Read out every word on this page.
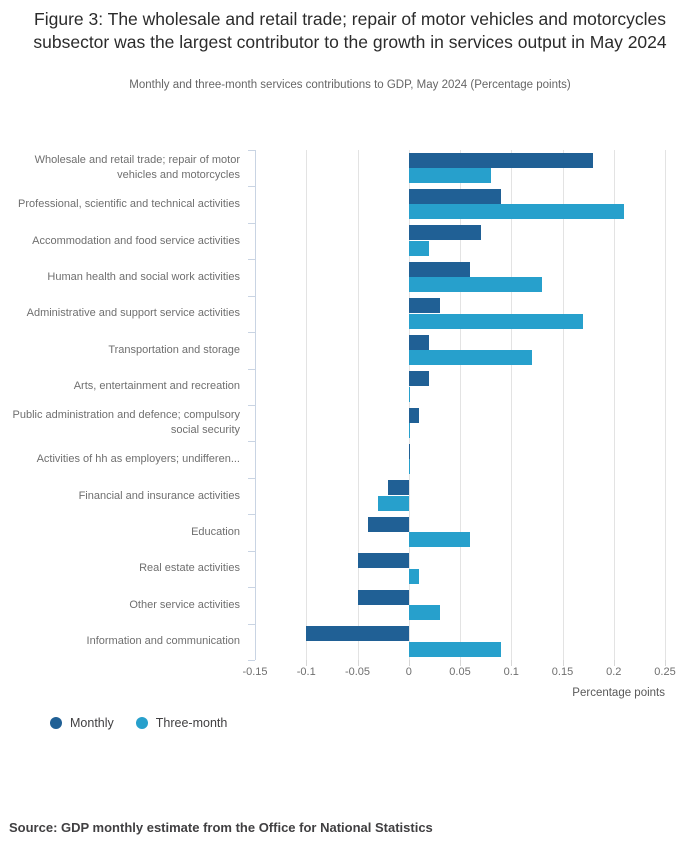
Figure 3: The wholesale and retail trade; repair of motor vehicles and motorcycles subsector was the largest contributor to the growth in services output in May 2024
Monthly and three-month services contributions to GDP, May 2024 (Percentage points)
Wholesale and retail trade; repair of motor vehicles and motorcycles
Professional, scientific and technical activities
Accommodation and food service activities
Human health and social work activities
Administrative and support service activities
Transportation and storage
Arts, entertainment and recreation
Public administration and defence; compulsory social security
Activities of hh as employers; undifferen...
Financial and insurance activities
Education
Real estate activities
Other service activities
Information and communication
Percentage points
-0.15	-0.1	-0.05	0	0.05	0.1	0.15	0.2	0.25
Monthly	Three-month
Source: GDP monthly estimate from the Office for National Statistics
